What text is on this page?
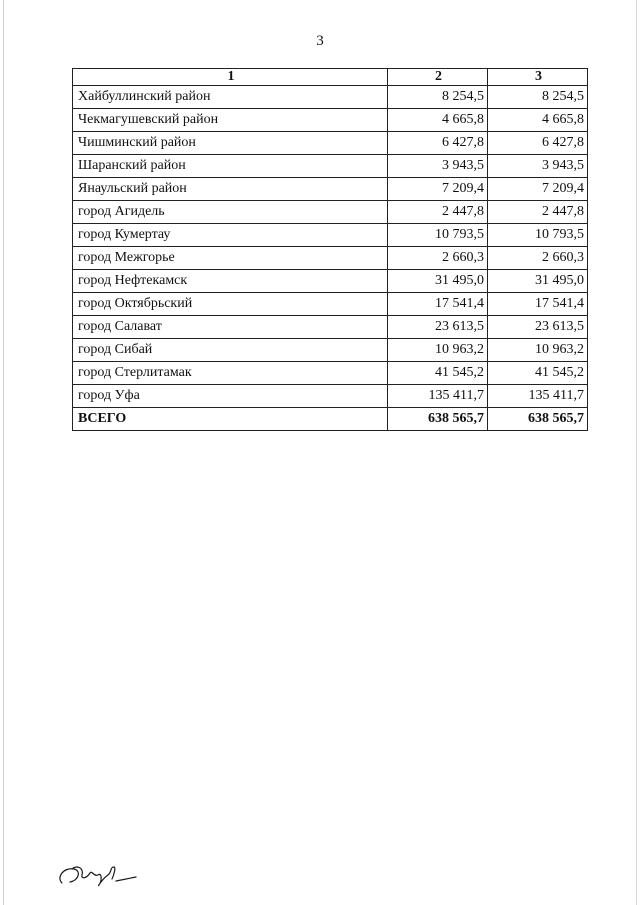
3
1	2	3
Хайбуллинский район	8 254,5	8 254,5
Чекмагушевский район	4 665,8	4 665,8
Чишминский район	6 427,8	6 427,8
Шаранский район	3 943,5	3 943,5
Янаульский район	7 209,4	7 209,4
город Агидель	2 447,8	2 447,8
город Кумертау	10 793,5	10 793,5
город Межгорье	2 660,3	2 660,3
город Нефтекамск	31 495,0	31 495,0
город Октябрьский	17 541,4	17 541,4
город Салават	23 613,5	23 613,5
город Сибай	10 963,2	10 963,2
город Стерлитамак	41 545,2	41 545,2
город Уфа	135 411,7	135 411,7
ВСЕГО	638 565,7	638 565,7
